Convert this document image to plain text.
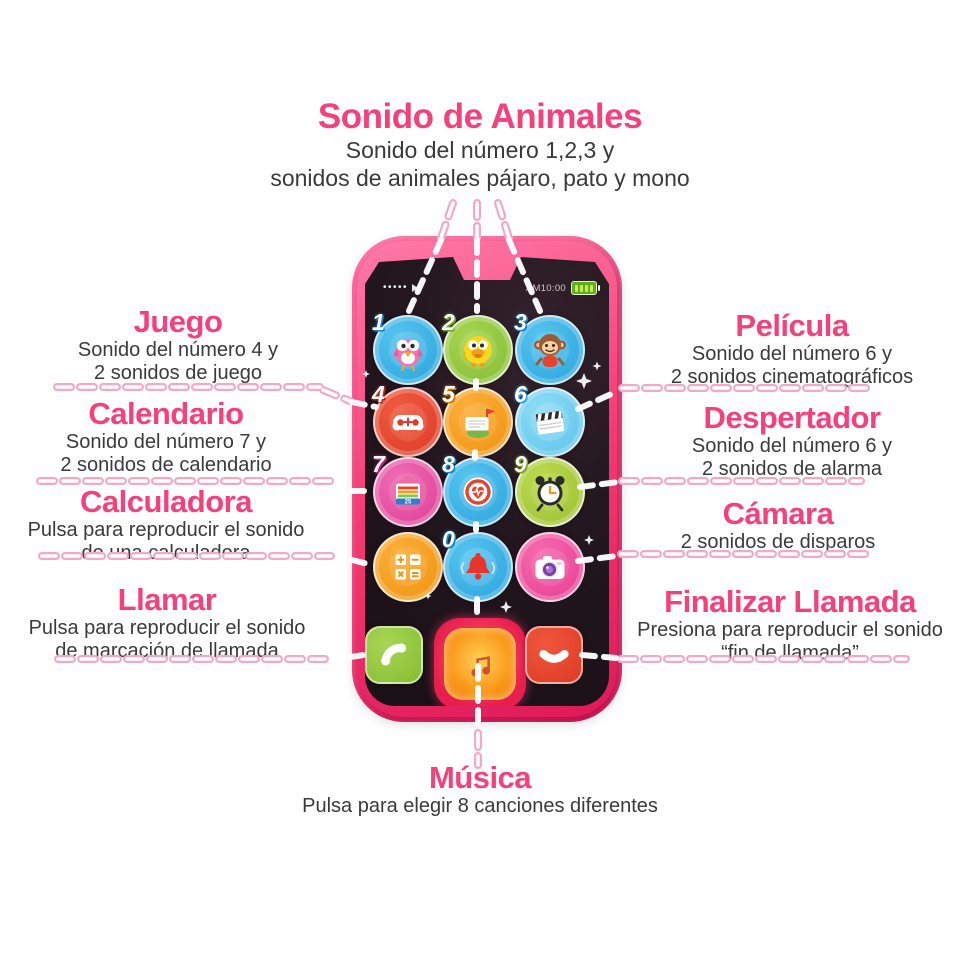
Sonido de Animales
Sonido del número 1,2,3 y
sonidos de animales pájaro, pato y mono
Juego
Sonido del número 4 y
2 sonidos de juego
Calendario
Sonido del número 7 y
2 sonidos de calendario
Calculadora
Pulsa para reproducir el sonido
de una calculadora
Llamar
Pulsa para reproducir el sonido
de marcación de llamada
Película
Sonido del número 6 y
2 sonidos cinematográficos
Despertador
Sonido del número 6 y
2 sonidos de alarma
Cámara
2 sonidos de disparos
Finalizar Llamada
Presiona para reproducir el sonido
“fin de llamada”
Música
Pulsa para elegir 8 canciones diferentes
•••••	AM10:00
1 2	3
4 5	6
7
25
8	9
0
